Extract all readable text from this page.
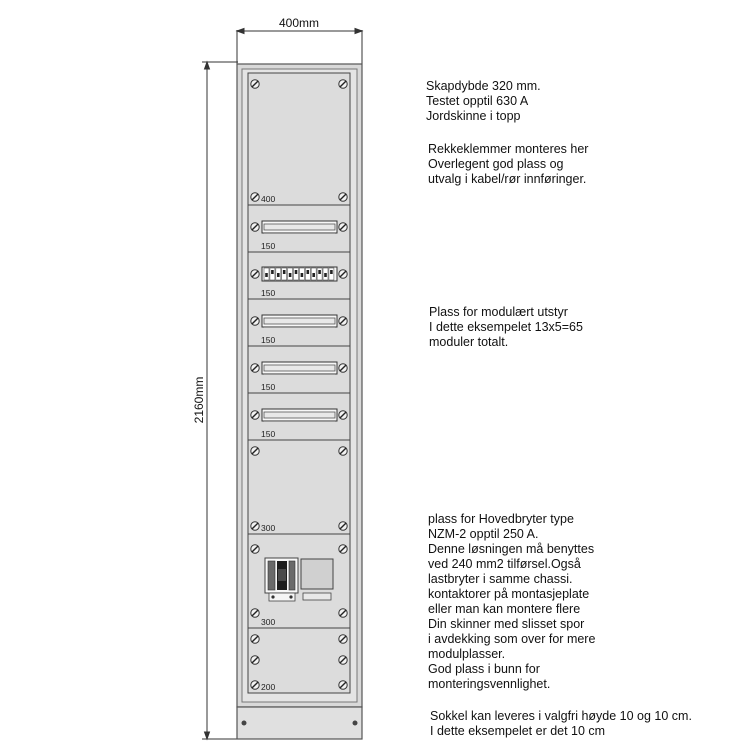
400mm
2160mm
400
150
150
150
150
150
300
300
200
Skapdybde 320 mm.
Testet opptil 630 A
Jordskinne i topp
Rekkeklemmer monteres her
Overlegent god plass og
utvalg i kabel/rør innføringer.
Plass for modulært utstyr
I dette eksempelet 13x5=65
moduler totalt.
plass for Hovedbryter type
NZM-2 opptil 250 A.
Denne løsningen må benyttes
ved 240 mm2 tilførsel.Også
lastbryter i samme chassi.
kontaktorer på montasjeplate
eller man kan montere flere
Din skinner med slisset spor
i avdekking som over for mere
modulplasser.
God plass i bunn for
monteringsvennlighet.
Sokkel kan leveres i valgfri høyde 10 og 10 cm.
I dette eksempelet er det 10 cm
